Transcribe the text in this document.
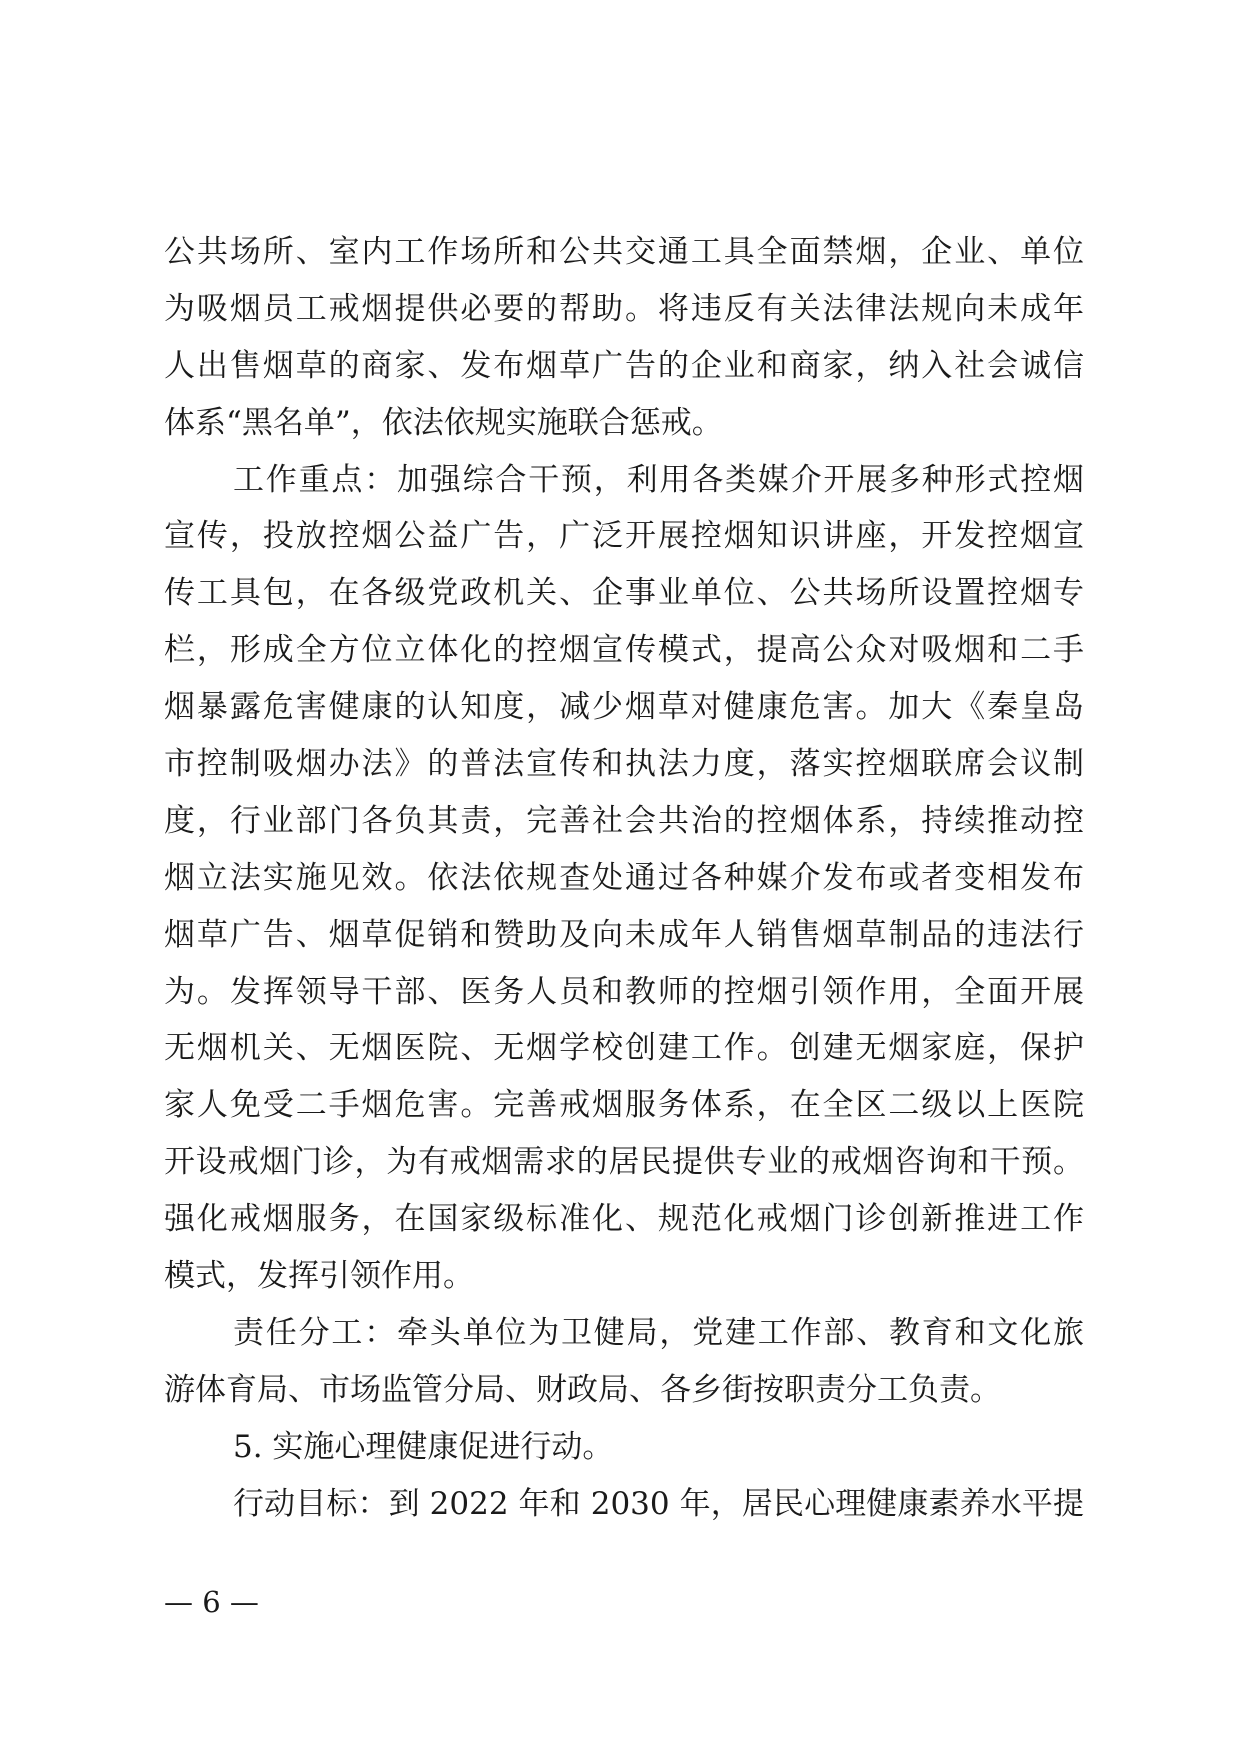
公共场所、室内工作场所和公共交通工具全面禁烟，企业、单位
为吸烟员工戒烟提供必要的帮助。将违反有关法律法规向未成年
人出售烟草的商家、发布烟草广告的企业和商家，纳入社会诚信
体系“黑名单”，依法依规实施联合惩戒。
工作重点：加强综合干预，利用各类媒介开展多种形式控烟
宣传，投放控烟公益广告，广泛开展控烟知识讲座，开发控烟宣
传工具包，在各级党政机关、企事业单位、公共场所设置控烟专
栏，形成全方位立体化的控烟宣传模式，提高公众对吸烟和二手
烟暴露危害健康的认知度，减少烟草对健康危害。加大《秦皇岛
市控制吸烟办法》的普法宣传和执法力度，落实控烟联席会议制
度，行业部门各负其责，完善社会共治的控烟体系，持续推动控
烟立法实施见效。依法依规查处通过各种媒介发布或者变相发布
烟草广告、烟草促销和赞助及向未成年人销售烟草制品的违法行
为。发挥领导干部、医务人员和教师的控烟引领作用，全面开展
无烟机关、无烟医院、无烟学校创建工作。创建无烟家庭，保护
家人免受二手烟危害。完善戒烟服务体系，在全区二级以上医院
开设戒烟门诊，为有戒烟需求的居民提供专业的戒烟咨询和干预。
强化戒烟服务，在国家级标准化、规范化戒烟门诊创新推进工作
模式，发挥引领作用。
责任分工：牵头单位为卫健局，党建工作部、教育和文化旅
游体育局、市场监管分局、财政局、各乡街按职责分工负责。
5. 实施心理健康促进行动。
行动目标：到 2022 年和 2030 年，居民心理健康素养水平提
— 6 —
